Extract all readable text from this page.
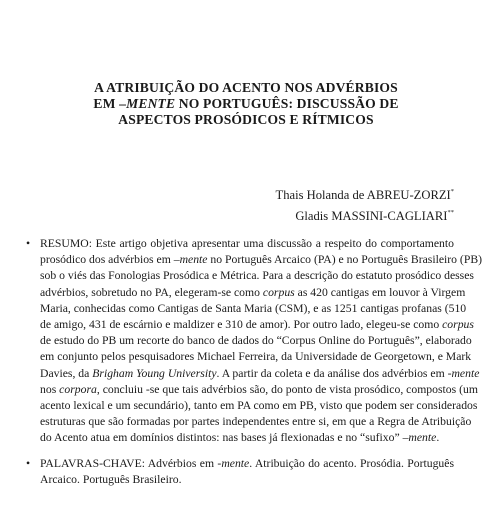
A ATRIBUIÇÃO DO ACENTO NOS ADVÉRBIOS
EM –MENTE NO PORTUGUÊS: DISCUSSÃO DE
ASPECTOS PROSÓDICOS E RÍTMICOS
Thais Holanda de ABREU-ZORZI*
Gladis MASSINI-CAGLIARI**
• RESUMO: Este artigo objetiva apresentar uma discussão a respeito do comportamento
prosódico dos advérbios em –mente no Português Arcaico (PA) e no Português Brasileiro (PB)
sob o viés das Fonologias Prosódica e Métrica. Para a descrição do estatuto prosódico desses
advérbios, sobretudo no PA, elegeram-se como corpus as 420 cantigas em louvor à Virgem
Maria, conhecidas como Cantigas de Santa Maria (CSM), e as 1251 cantigas profanas (510
de amigo, 431 de escárnio e maldizer e 310 de amor). Por outro lado, elegeu-se como corpus
de estudo do PB um recorte do banco de dados do “Corpus Online do Português”, elaborado
em conjunto pelos pesquisadores Michael Ferreira, da Universidade de Georgetown, e Mark
Davies, da Brigham Young University. A partir da coleta e da análise dos advérbios em -mente
nos corpora, concluiu -se que tais advérbios são, do ponto de vista prosódico, compostos (um
acento lexical e um secundário), tanto em PA como em PB, visto que podem ser considerados
estruturas que são formadas por partes independentes entre si, em que a Regra de Atribuição
do Acento atua em domínios distintos: nas bases já flexionadas e no “sufixo” –mente.
• PALAVRAS-CHAVE: Advérbios em -mente. Atribuição do acento. Prosódia. Português
Arcaico. Português Brasileiro.
